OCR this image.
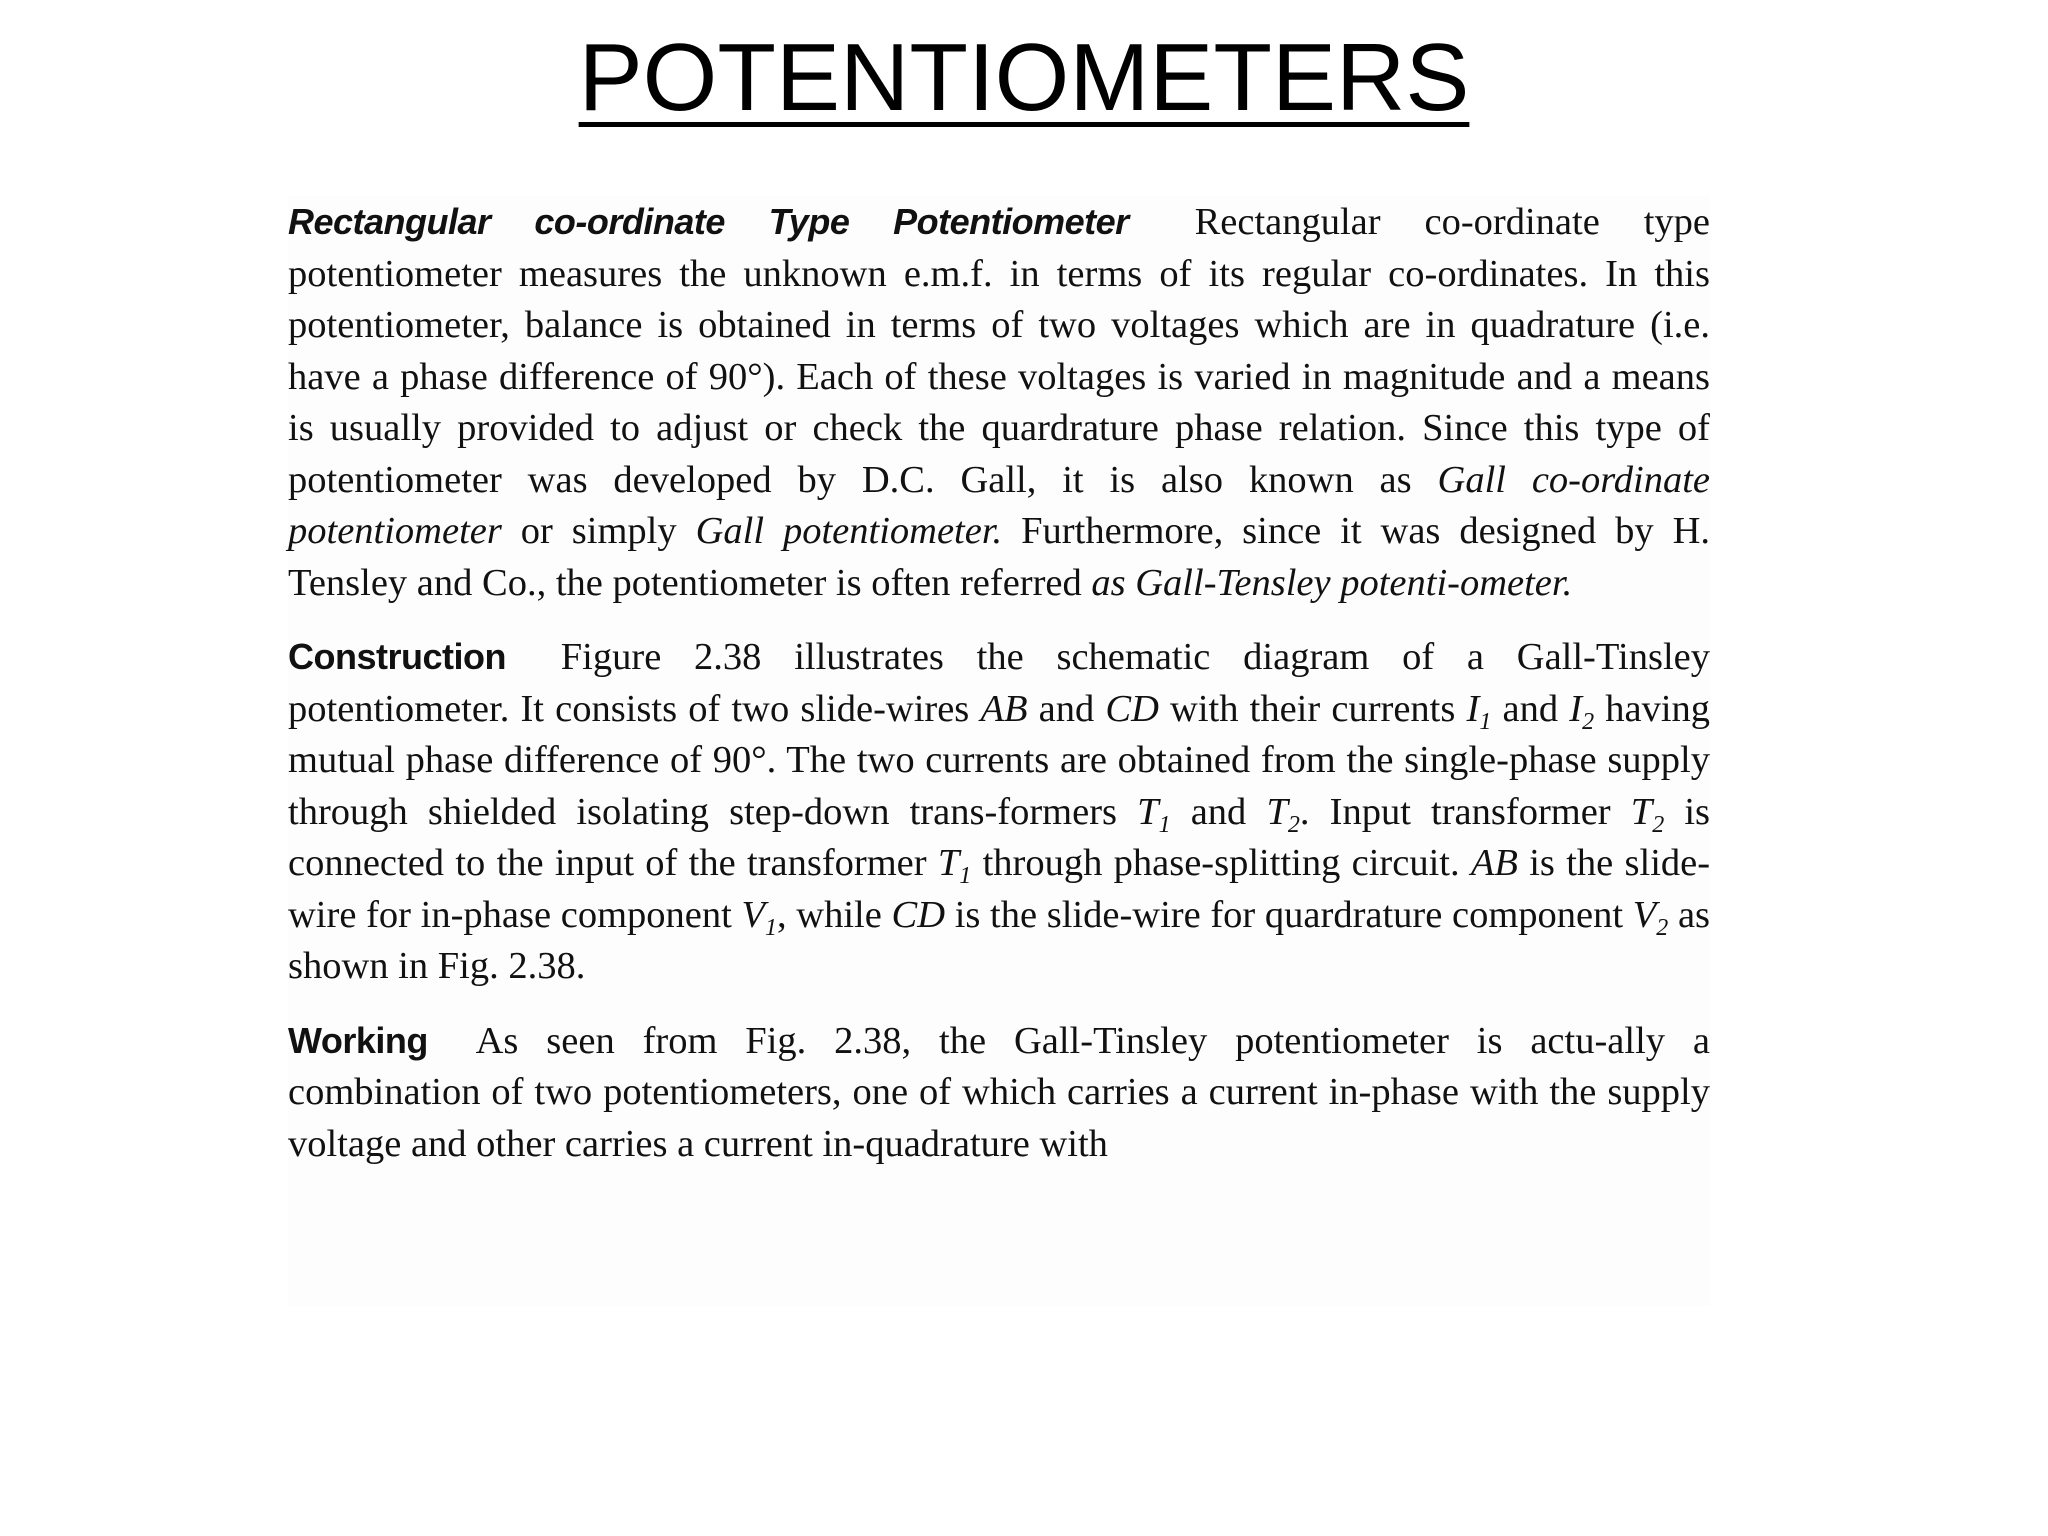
POTENTIOMETERS

Rectangular co-ordinate Type Potentiometer Rectangular co-ordinate type potentiometer measures the unknown e.m.f. in terms of its regular co-ordinates. In this potentiometer, balance is obtained in terms of two voltages which are in quadrature (i.e. have a phase difference of 90°). Each of these voltages is varied in magnitude and a means is usually provided to adjust or check the quardrature phase relation. Since this type of potentiometer was developed by D.C. Gall, it is also known as Gall co-ordinate potentiometer or simply Gall potentiometer. Furthermore, since it was designed by H. Tensley and Co., the potentiometer is often referred as Gall-Tensley potenti-ometer.

Construction Figure 2.38 illustrates the schematic diagram of a Gall-Tinsley potentiometer. It consists of two slide-wires AB and CD with their currents $I_1$ and $I_2$ having mutual phase difference of 90°. The two currents are obtained from the single-phase supply through shielded isolating step-down trans-formers $T_1$ and $T_2$. Input transformer $T_2$ is connected to the input of the transformer $T_1$ through phase-splitting circuit. AB is the slide-wire for in-phase component $V_1$, while CD is the slide-wire for quardrature component $V_2$ as shown in Fig. 2.38.

Working As seen from Fig. 2.38, the Gall-Tinsley potentiometer is actu-ally a combination of two potentiometers, one of which carries a current in-phase with the supply voltage and other carries a current in-quadrature with
